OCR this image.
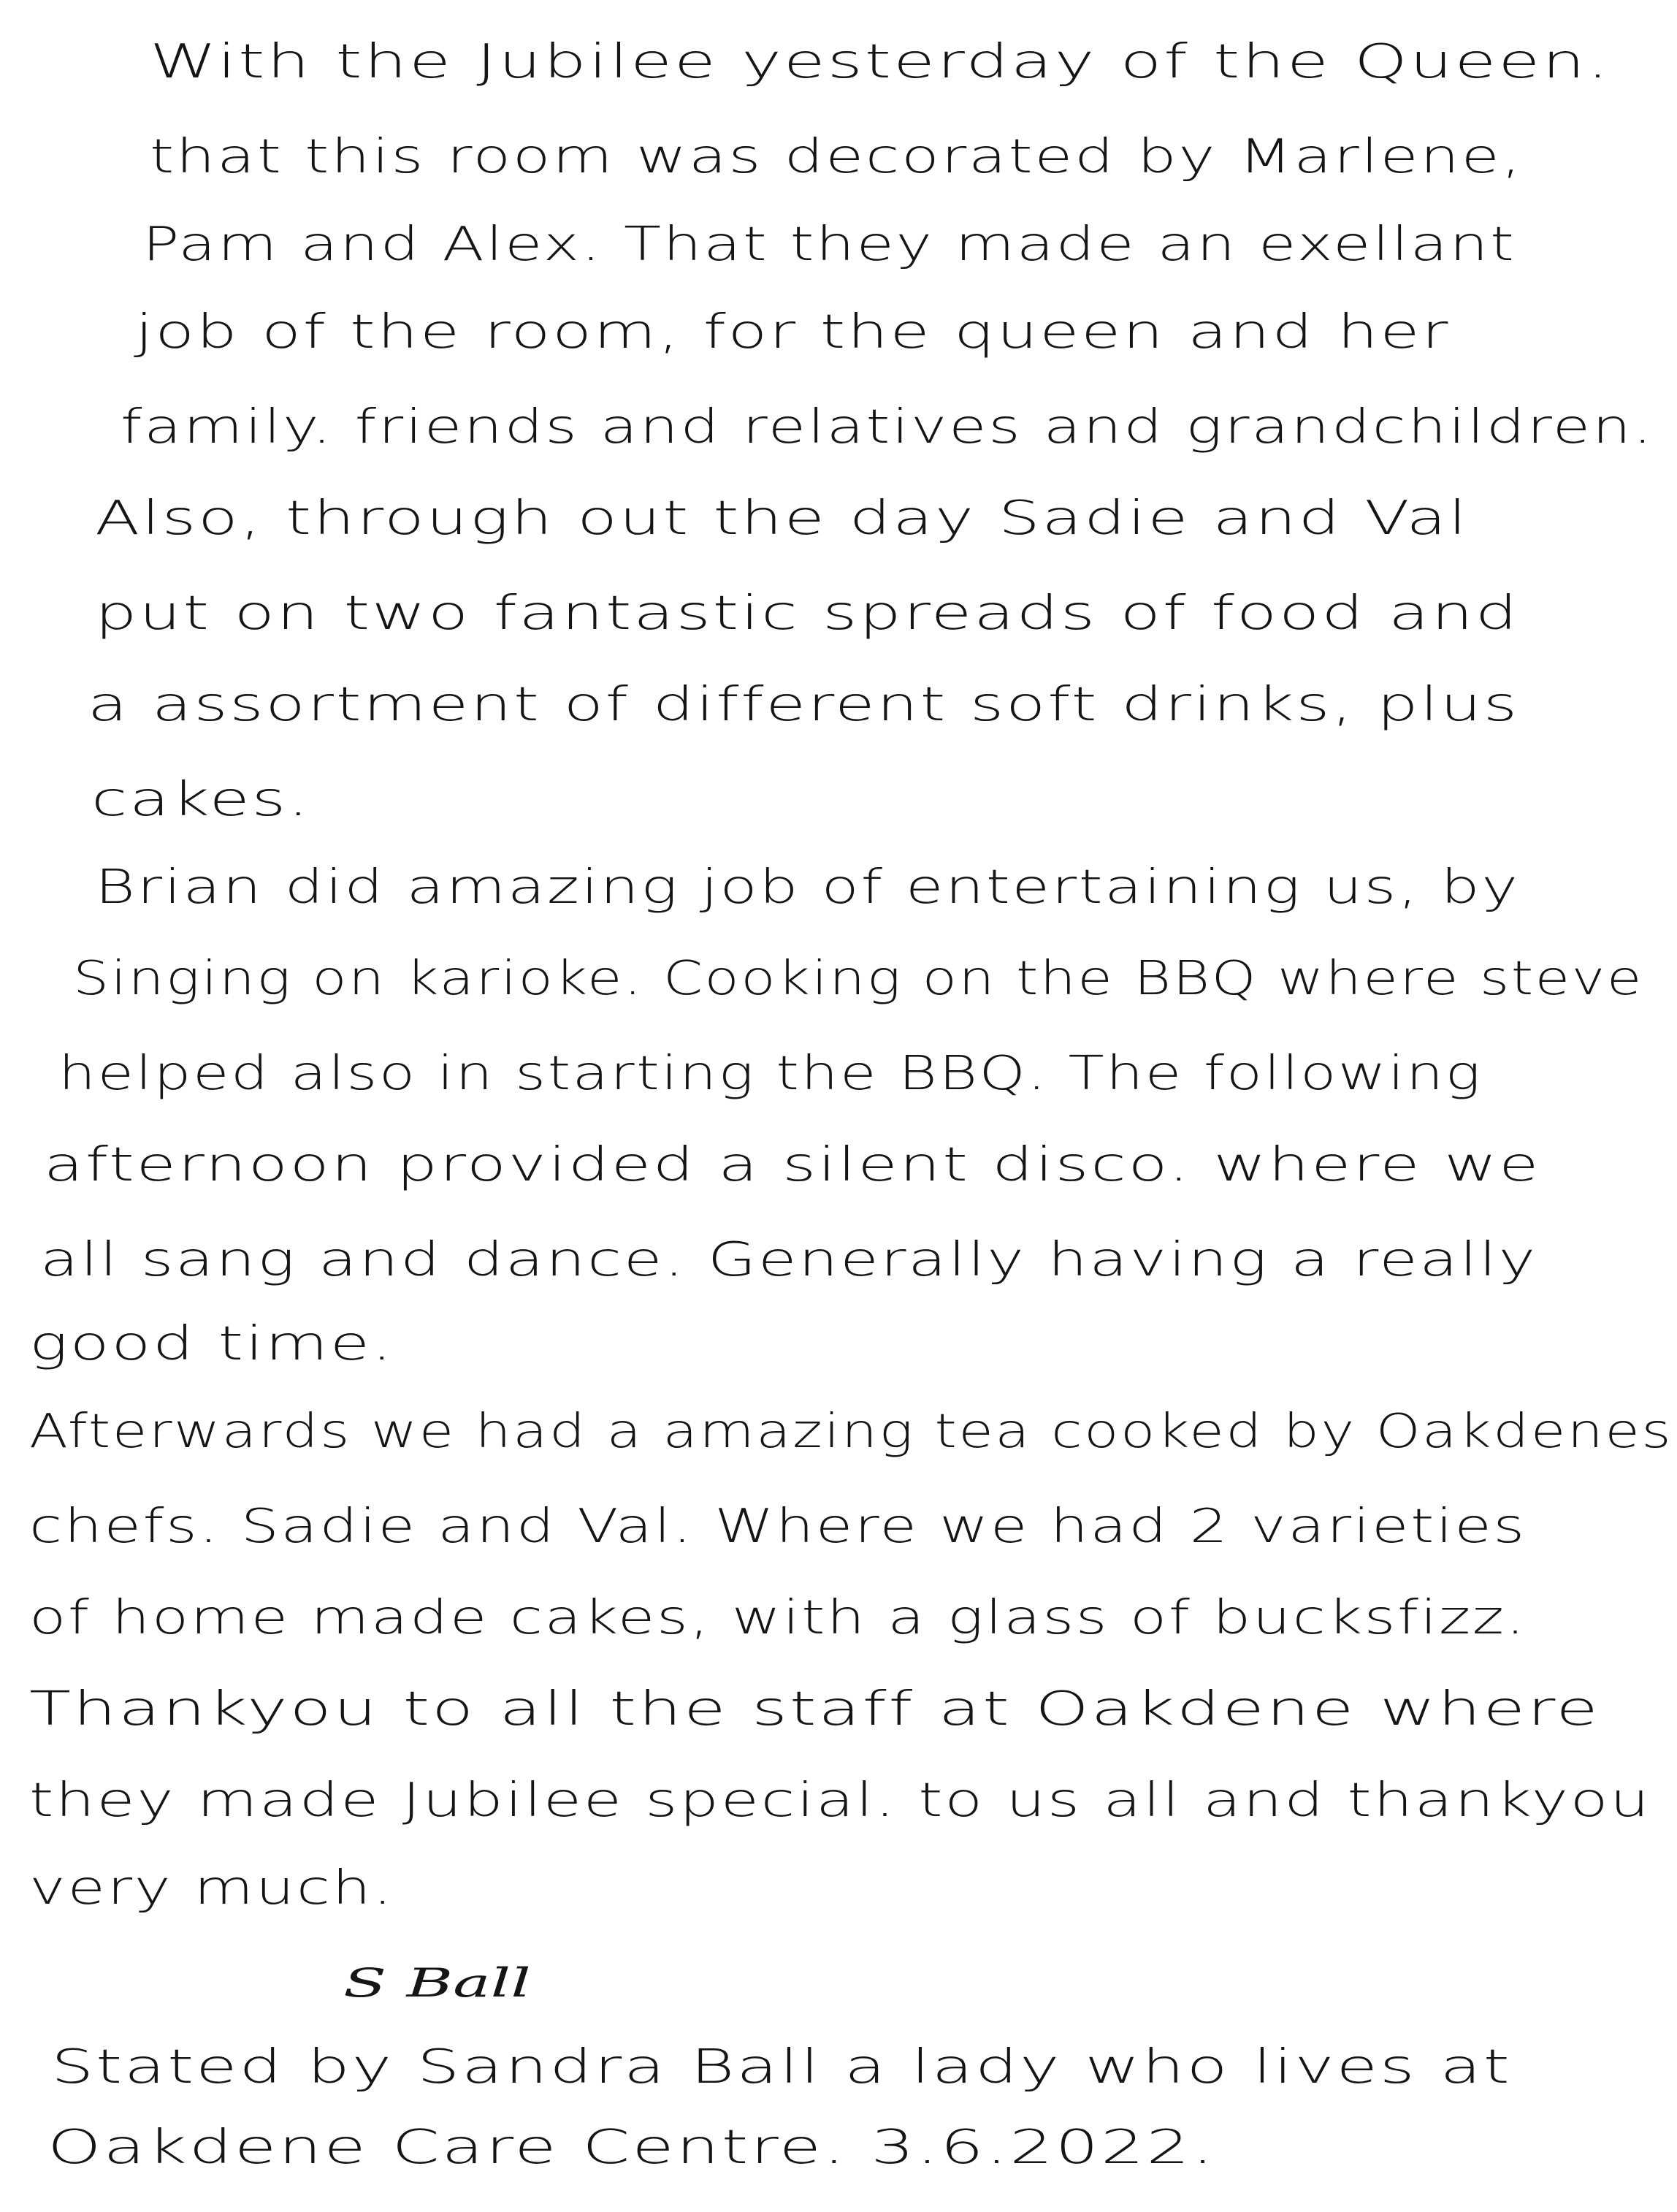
With the Jubilee yesterday of the Queen.
that this room was decorated by Marlene,
Pam and Alex. That they made an exellant
job of the room, for the queen and her
family. friends and relatives and grandchildren.
Also, through out the day Sadie and Val
put on two fantastic spreads of food and
a assortment of different soft drinks, plus
cakes.
Brian did amazing job of entertaining us, by
Singing on karioke. Cooking on the BBQ where steve
helped also in starting the BBQ. The following
afternoon provided a silent disco. where we
all sang and dance. Generally having a really
good time.
Afterwards we had a amazing tea cooked by Oakdenes
chefs. Sadie and Val. Where we had 2 varieties
of home made cakes, with a glass of bucksfizz.
Thankyou to all the staff at Oakdene where
they made Jubilee special. to us all and thankyou
very much.
S Ball
Stated by Sandra Ball a lady who lives at
Oakdene Care Centre. 3.6.2022.
